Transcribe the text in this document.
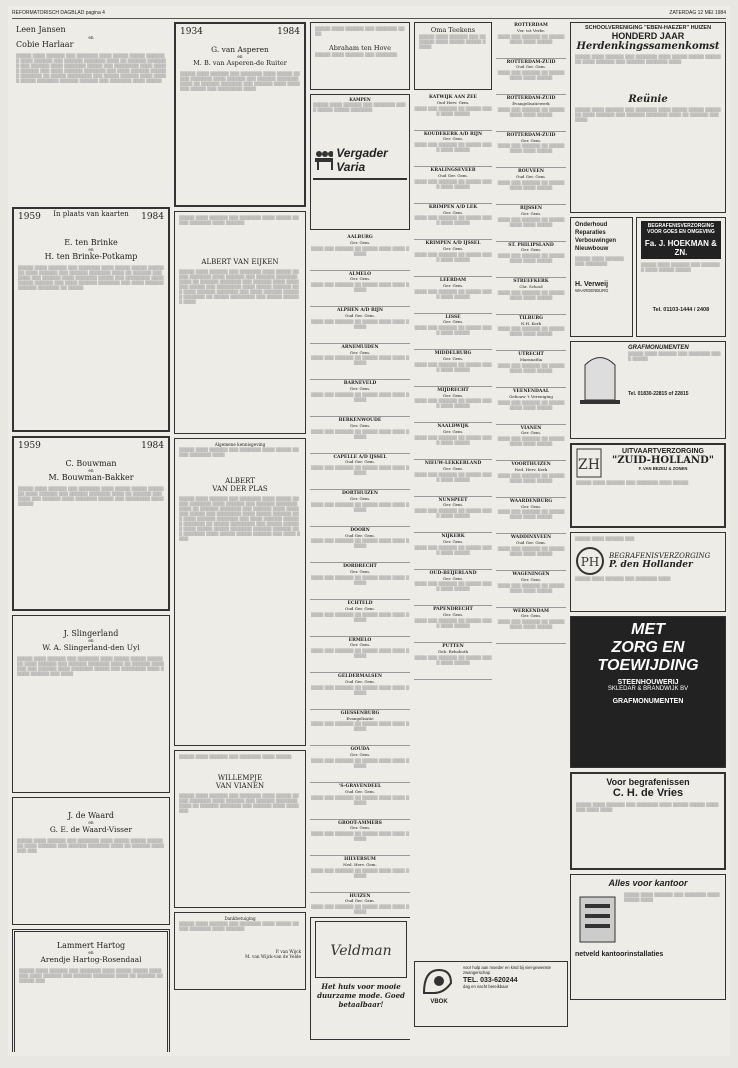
REFORMATORISCH DAGBLAD pagina 4	ZATERDAG 12 MEI 1984
Leen Jansen
en
Cobie Harlaar
▒▒▒▒▒ ▒▒▒▒ ▒▒▒▒▒▒ ▒▒▒ ▒▒▒▒▒▒▒ ▒▒▒▒ ▒▒▒▒▒ ▒▒▒▒▒ ▒▒▒▒▒▒▒ ▒▒▒▒ ▒▒▒▒▒▒ ▒▒▒ ▒▒▒▒▒▒ ▒▒▒▒▒▒▒ ▒▒▒▒ ▒▒ ▒▒▒▒▒▒ ▒▒▒▒▒▒▒ ▒▒▒ ▒▒▒▒▒▒ ▒▒▒▒ ▒▒▒▒▒▒▒ ▒▒▒▒▒ ▒▒▒ ▒▒▒▒▒▒▒▒ ▒▒▒▒ ▒▒▒▒▒ ▒▒▒▒▒▒ ▒▒▒ ▒▒▒▒ ▒▒▒▒▒▒ ▒▒▒▒▒▒▒ ▒▒▒ ▒▒▒▒ ▒▒▒▒▒▒ ▒▒▒▒▒▒ ▒▒▒▒▒▒▒ ▒▒ ▒▒▒▒▒ ▒▒▒▒▒▒▒▒ ▒▒▒ ▒▒▒▒▒ ▒▒▒▒▒▒ ▒▒▒▒ ▒▒▒▒▒ ▒▒▒▒▒ ▒▒▒▒▒▒▒ ▒▒▒▒▒▒ ▒▒▒▒▒▒ ▒▒▒ ▒▒▒▒▒▒▒ ▒▒▒▒ ▒▒▒▒▒
1959 In plaats van kaarten 1984
E. ten Brinke
en
H. ten Brinke-Potkamp
▒▒▒▒▒ ▒▒▒▒ ▒▒▒▒▒▒ ▒▒▒ ▒▒▒▒▒▒▒ ▒▒▒▒ ▒▒▒▒▒ ▒▒▒▒▒ ▒▒▒▒▒▒▒ ▒▒▒▒ ▒▒▒▒▒▒ ▒▒▒ ▒▒▒▒▒▒ ▒▒▒▒▒▒▒ ▒▒▒▒ ▒▒ ▒▒▒▒▒▒ ▒▒▒▒▒▒▒ ▒▒▒ ▒▒▒▒▒▒ ▒▒▒▒ ▒▒▒▒▒▒▒ ▒▒▒▒▒ ▒▒▒ ▒▒▒▒▒▒▒▒ ▒▒▒▒ ▒▒▒▒▒ ▒▒▒▒▒▒ ▒▒▒ ▒▒▒▒ ▒▒▒▒▒▒ ▒▒▒▒▒▒▒ ▒▒▒ ▒▒▒▒ ▒▒▒▒▒▒ ▒▒▒▒▒▒ ▒▒▒▒▒▒▒ ▒▒ ▒▒▒▒▒
1959	1984
C. Bouwman
en
M. Bouwman-Bakker
▒▒▒▒▒ ▒▒▒▒ ▒▒▒▒▒▒ ▒▒▒ ▒▒▒▒▒▒▒ ▒▒▒▒ ▒▒▒▒▒ ▒▒▒▒▒ ▒▒▒▒▒▒▒ ▒▒▒▒ ▒▒▒▒▒▒ ▒▒▒ ▒▒▒▒▒▒ ▒▒▒▒▒▒▒ ▒▒▒▒ ▒▒ ▒▒▒▒▒▒ ▒▒▒▒▒▒▒ ▒▒▒ ▒▒▒▒▒▒ ▒▒▒▒ ▒▒▒▒▒▒▒ ▒▒▒▒▒ ▒▒▒ ▒▒▒▒▒▒▒▒ ▒▒▒▒ ▒▒▒▒▒
J. Slingerland
en
W. A. Slingerland-den Uyl
▒▒▒▒▒ ▒▒▒▒ ▒▒▒▒▒▒ ▒▒▒ ▒▒▒▒▒▒▒ ▒▒▒▒ ▒▒▒▒▒ ▒▒▒▒▒ ▒▒▒▒▒▒▒ ▒▒▒▒ ▒▒▒▒▒▒ ▒▒▒ ▒▒▒▒▒▒ ▒▒▒▒▒▒▒ ▒▒▒▒ ▒▒ ▒▒▒▒▒▒ ▒▒▒▒▒▒▒ ▒▒▒ ▒▒▒▒▒▒ ▒▒▒▒ ▒▒▒▒▒▒▒ ▒▒▒▒▒ ▒▒▒ ▒▒▒▒▒▒▒▒ ▒▒▒▒ ▒▒▒▒▒ ▒▒▒▒▒▒ ▒▒▒ ▒▒▒▒
J. de Waard
en
G. E. de Waard-Visser
▒▒▒▒▒ ▒▒▒▒ ▒▒▒▒▒▒ ▒▒▒ ▒▒▒▒▒▒▒ ▒▒▒▒ ▒▒▒▒▒ ▒▒▒▒▒ ▒▒▒▒▒▒▒ ▒▒▒▒ ▒▒▒▒▒▒ ▒▒▒ ▒▒▒▒▒▒ ▒▒▒▒▒▒▒ ▒▒▒▒ ▒▒ ▒▒▒▒▒▒ ▒▒▒▒▒▒▒ ▒▒▒
Lammert Hartog
en
Arendje Hartog-Rosendaal
▒▒▒▒▒ ▒▒▒▒ ▒▒▒▒▒▒ ▒▒▒ ▒▒▒▒▒▒▒ ▒▒▒▒ ▒▒▒▒▒ ▒▒▒▒▒ ▒▒▒▒▒▒▒ ▒▒▒▒ ▒▒▒▒▒▒ ▒▒▒ ▒▒▒▒▒▒ ▒▒▒▒▒▒▒ ▒▒▒▒ ▒▒ ▒▒▒▒▒▒ ▒▒▒▒▒▒▒ ▒▒▒
1934	1984
G. van Asperen
en
M. B. van Asperen-de Ruiter
▒▒▒▒▒ ▒▒▒▒ ▒▒▒▒▒▒ ▒▒▒ ▒▒▒▒▒▒▒ ▒▒▒▒ ▒▒▒▒▒ ▒▒▒▒▒ ▒▒▒▒▒▒▒ ▒▒▒▒ ▒▒▒▒▒▒ ▒▒▒ ▒▒▒▒▒▒ ▒▒▒▒▒▒▒ ▒▒▒▒ ▒▒ ▒▒▒▒▒▒ ▒▒▒▒▒▒▒ ▒▒▒ ▒▒▒▒▒▒ ▒▒▒▒ ▒▒▒▒▒▒▒ ▒▒▒▒▒ ▒▒▒ ▒▒▒▒▒▒▒▒ ▒▒▒▒
▒▒▒▒▒ ▒▒▒▒ ▒▒▒▒▒▒ ▒▒▒ ▒▒▒▒▒▒▒ ▒▒▒▒ ▒▒▒▒▒ ▒▒▒▒▒ ▒▒▒▒▒▒▒ ▒▒▒▒ ▒▒▒▒▒▒
ALBERT VAN EIJKEN
▒▒▒▒▒ ▒▒▒▒ ▒▒▒▒▒▒ ▒▒▒ ▒▒▒▒▒▒▒ ▒▒▒▒ ▒▒▒▒▒ ▒▒▒▒▒ ▒▒▒▒▒▒▒ ▒▒▒▒ ▒▒▒▒▒▒ ▒▒▒ ▒▒▒▒▒▒ ▒▒▒▒▒▒▒ ▒▒▒▒ ▒▒ ▒▒▒▒▒▒ ▒▒▒▒▒▒▒ ▒▒▒ ▒▒▒▒▒▒ ▒▒▒▒ ▒▒▒▒▒▒▒ ▒▒▒▒▒ ▒▒▒ ▒▒▒▒▒▒▒▒ ▒▒▒▒ ▒▒▒▒▒ ▒▒▒▒▒▒ ▒▒▒ ▒▒▒▒ ▒▒▒▒▒▒ ▒▒▒▒▒▒▒ ▒▒▒ ▒▒▒▒ ▒▒▒▒▒▒ ▒▒▒▒▒▒ ▒▒▒▒▒▒▒ ▒▒ ▒▒▒▒▒ ▒▒▒▒▒▒▒▒ ▒▒▒ ▒▒▒▒▒ ▒▒▒▒▒▒ ▒▒▒▒
Algemene kennisgeving
▒▒▒▒▒ ▒▒▒▒ ▒▒▒▒▒▒ ▒▒▒ ▒▒▒▒▒▒▒ ▒▒▒▒ ▒▒▒▒▒ ▒▒▒▒▒ ▒▒▒▒▒▒▒ ▒▒▒▒
ALBERT
VAN DER PLAS
▒▒▒▒▒ ▒▒▒▒ ▒▒▒▒▒▒ ▒▒▒ ▒▒▒▒▒▒▒ ▒▒▒▒ ▒▒▒▒▒ ▒▒▒▒▒ ▒▒▒▒▒▒▒ ▒▒▒▒ ▒▒▒▒▒▒ ▒▒▒ ▒▒▒▒▒▒ ▒▒▒▒▒▒▒ ▒▒▒▒ ▒▒ ▒▒▒▒▒▒ ▒▒▒▒▒▒▒ ▒▒▒ ▒▒▒▒▒▒ ▒▒▒▒ ▒▒▒▒▒▒▒ ▒▒▒▒▒ ▒▒▒ ▒▒▒▒▒▒▒▒ ▒▒▒▒ ▒▒▒▒▒ ▒▒▒▒▒▒ ▒▒▒ ▒▒▒▒ ▒▒▒▒▒▒ ▒▒▒▒▒▒▒ ▒▒▒ ▒▒▒▒ ▒▒▒▒▒▒ ▒▒▒▒▒▒ ▒▒▒▒▒▒▒ ▒▒ ▒▒▒▒▒ ▒▒▒▒▒▒▒▒ ▒▒▒ ▒▒▒▒▒ ▒▒▒▒▒▒ ▒▒▒▒ ▒▒▒▒▒ ▒▒▒▒▒ ▒▒▒▒▒▒▒ ▒▒▒▒▒▒ ▒▒▒▒▒▒ ▒▒▒ ▒▒▒▒▒▒▒ ▒▒▒▒ ▒▒▒▒▒ ▒▒▒▒▒ ▒▒▒▒▒▒ ▒▒▒ ▒▒▒▒ ▒▒▒▒
▒▒▒▒▒ ▒▒▒▒ ▒▒▒▒▒▒ ▒▒▒ ▒▒▒▒▒▒▒ ▒▒▒▒ ▒▒▒▒▒
WILLEMPJE
VAN VIANEN
▒▒▒▒▒ ▒▒▒▒ ▒▒▒▒▒▒ ▒▒▒ ▒▒▒▒▒▒▒ ▒▒▒▒ ▒▒▒▒▒ ▒▒▒▒▒ ▒▒▒▒▒▒▒ ▒▒▒▒ ▒▒▒▒▒▒ ▒▒▒ ▒▒▒▒▒▒ ▒▒▒▒▒▒▒ ▒▒▒▒ ▒▒ ▒▒▒▒▒▒ ▒▒▒▒▒▒▒ ▒▒▒ ▒▒▒▒▒▒ ▒▒▒▒ ▒▒▒▒▒▒▒
Dankbetuiging
▒▒▒▒▒ ▒▒▒▒ ▒▒▒▒▒▒ ▒▒▒ ▒▒▒▒▒▒▒ ▒▒▒▒ ▒▒▒▒▒ ▒▒▒▒▒ ▒▒▒▒▒▒▒ ▒▒▒▒ ▒▒▒▒▒▒
P. van Wijck
M. van Wijck-van de Velde
▒▒▒▒▒ ▒▒▒▒ ▒▒▒▒▒▒ ▒▒▒ ▒▒▒▒▒▒▒ ▒▒▒▒
Abraham ten Hove
▒▒▒▒▒ ▒▒▒▒ ▒▒▒▒▒▒ ▒▒▒ ▒▒▒▒▒▒▒
KAMPEN
▒▒▒▒▒ ▒▒▒▒ ▒▒▒▒▒▒ ▒▒▒ ▒▒▒▒▒▒▒ ▒▒▒▒ ▒▒▒▒▒ ▒▒▒▒▒ ▒▒▒▒▒▒▒
Vergader Varia
AALBURG
Ger. Gem.
▒▒▒▒ ▒▒▒ ▒▒▒▒▒▒ ▒▒ ▒▒▒▒▒ ▒▒▒▒ ▒▒▒▒ ▒▒▒▒▒
ALMELO
Ger. Gem.
▒▒▒▒ ▒▒▒ ▒▒▒▒▒▒ ▒▒ ▒▒▒▒▒ ▒▒▒▒ ▒▒▒▒ ▒▒▒▒▒
ALPHEN A/D RIJN
Oud Ger. Gem.
▒▒▒▒ ▒▒▒ ▒▒▒▒▒▒ ▒▒ ▒▒▒▒▒ ▒▒▒▒ ▒▒▒▒ ▒▒▒▒▒
ARNEMUIDEN
Ger. Gem.
▒▒▒▒ ▒▒▒ ▒▒▒▒▒▒ ▒▒ ▒▒▒▒▒ ▒▒▒▒ ▒▒▒▒ ▒▒▒▒▒
BARNEVELD
Ger. Gem.
▒▒▒▒ ▒▒▒ ▒▒▒▒▒▒ ▒▒ ▒▒▒▒▒ ▒▒▒▒ ▒▒▒▒ ▒▒▒▒▒
BERKENWOUDE
Ger. Gem.
▒▒▒▒ ▒▒▒ ▒▒▒▒▒▒ ▒▒ ▒▒▒▒▒ ▒▒▒▒ ▒▒▒▒ ▒▒▒▒▒
CAPELLE A/D IJSSEL
Oud Ger. Gem.
▒▒▒▒ ▒▒▒ ▒▒▒▒▒▒ ▒▒ ▒▒▒▒▒ ▒▒▒▒ ▒▒▒▒ ▒▒▒▒▒
DORTHUIZEN
Ger. Gem.
▒▒▒▒ ▒▒▒ ▒▒▒▒▒▒ ▒▒ ▒▒▒▒▒ ▒▒▒▒ ▒▒▒▒ ▒▒▒▒▒
DOORN
Oud Ger. Gem.
▒▒▒▒ ▒▒▒ ▒▒▒▒▒▒ ▒▒ ▒▒▒▒▒ ▒▒▒▒ ▒▒▒▒ ▒▒▒▒▒
DORDRECHT
Ger. Gem.
▒▒▒▒ ▒▒▒ ▒▒▒▒▒▒ ▒▒ ▒▒▒▒▒ ▒▒▒▒ ▒▒▒▒ ▒▒▒▒▒
ECHTELD
Oud Ger. Gem.
▒▒▒▒ ▒▒▒ ▒▒▒▒▒▒ ▒▒ ▒▒▒▒▒ ▒▒▒▒ ▒▒▒▒ ▒▒▒▒▒
ERMELO
Ger. Gem.
▒▒▒▒ ▒▒▒ ▒▒▒▒▒▒ ▒▒ ▒▒▒▒▒ ▒▒▒▒ ▒▒▒▒ ▒▒▒▒▒
GELDERMALSEN
Oud Ger. Gem.
▒▒▒▒ ▒▒▒ ▒▒▒▒▒▒ ▒▒ ▒▒▒▒▒ ▒▒▒▒ ▒▒▒▒ ▒▒▒▒▒
GIESSENBURG
Evangelisatie
▒▒▒▒ ▒▒▒ ▒▒▒▒▒▒ ▒▒ ▒▒▒▒▒ ▒▒▒▒ ▒▒▒▒ ▒▒▒▒▒
GOUDA
Ger. Gem.
▒▒▒▒ ▒▒▒ ▒▒▒▒▒▒ ▒▒ ▒▒▒▒▒ ▒▒▒▒ ▒▒▒▒ ▒▒▒▒▒
'S-GRAVENDEEL
Oud Ger. Gem.
▒▒▒▒ ▒▒▒ ▒▒▒▒▒▒ ▒▒ ▒▒▒▒▒ ▒▒▒▒ ▒▒▒▒ ▒▒▒▒▒
GROOT-AMMERS
Ger. Gem.
▒▒▒▒ ▒▒▒ ▒▒▒▒▒▒ ▒▒ ▒▒▒▒▒ ▒▒▒▒ ▒▒▒▒ ▒▒▒▒▒
HILVERSUM
Ned. Herv. Gem.
▒▒▒▒ ▒▒▒ ▒▒▒▒▒▒ ▒▒ ▒▒▒▒▒ ▒▒▒▒ ▒▒▒▒ ▒▒▒▒▒
HUIZEN
Oud Ger. Gem.
▒▒▒▒ ▒▒▒ ▒▒▒▒▒▒ ▒▒ ▒▒▒▒▒ ▒▒▒▒ ▒▒▒▒ ▒▒▒▒▒
Veldman
Het huis voor mooie duurzame mode. Goed betaalbaar!
Oma Teekens
▒▒▒▒▒ ▒▒▒▒ ▒▒▒▒▒▒ ▒▒▒ ▒▒▒▒▒▒▒ ▒▒▒▒ ▒▒▒▒▒ ▒▒▒▒▒ ▒▒▒▒▒
KATWIJK AAN ZEE
Oud Herv. Gem.
▒▒▒▒ ▒▒▒ ▒▒▒▒▒▒ ▒▒ ▒▒▒▒▒ ▒▒▒▒ ▒▒▒▒ ▒▒▒▒▒
KOUDEKERK A/D RIJN
Ger. Gem.
▒▒▒▒ ▒▒▒ ▒▒▒▒▒▒ ▒▒ ▒▒▒▒▒ ▒▒▒▒ ▒▒▒▒ ▒▒▒▒▒
KRALINGSEVEER
Oud Ger. Gem.
▒▒▒▒ ▒▒▒ ▒▒▒▒▒▒ ▒▒ ▒▒▒▒▒ ▒▒▒▒ ▒▒▒▒ ▒▒▒▒▒
KRIMPEN A/D LEK
Ger. Gem.
▒▒▒▒ ▒▒▒ ▒▒▒▒▒▒ ▒▒ ▒▒▒▒▒ ▒▒▒▒ ▒▒▒▒ ▒▒▒▒▒
KRIMPEN A/D IJSSEL
Ger. Gem.
▒▒▒▒ ▒▒▒ ▒▒▒▒▒▒ ▒▒ ▒▒▒▒▒ ▒▒▒▒ ▒▒▒▒ ▒▒▒▒▒
LEERDAM
Ger. Gem.
▒▒▒▒ ▒▒▒ ▒▒▒▒▒▒ ▒▒ ▒▒▒▒▒ ▒▒▒▒ ▒▒▒▒ ▒▒▒▒▒
LISSE
Ger. Gem.
▒▒▒▒ ▒▒▒ ▒▒▒▒▒▒ ▒▒ ▒▒▒▒▒ ▒▒▒▒ ▒▒▒▒ ▒▒▒▒▒
MIDDELBURG
Ger. Gem.
▒▒▒▒ ▒▒▒ ▒▒▒▒▒▒ ▒▒ ▒▒▒▒▒ ▒▒▒▒ ▒▒▒▒ ▒▒▒▒▒
MIJDRECHT
Ger. Gem.
▒▒▒▒ ▒▒▒ ▒▒▒▒▒▒ ▒▒ ▒▒▒▒▒ ▒▒▒▒ ▒▒▒▒ ▒▒▒▒▒
NAALDWIJK
Ger. Gem.
▒▒▒▒ ▒▒▒ ▒▒▒▒▒▒ ▒▒ ▒▒▒▒▒ ▒▒▒▒ ▒▒▒▒ ▒▒▒▒▒
NIEUW-LEKKERLAND
Ger. Gem.
▒▒▒▒ ▒▒▒ ▒▒▒▒▒▒ ▒▒ ▒▒▒▒▒ ▒▒▒▒ ▒▒▒▒ ▒▒▒▒▒
NUNSPEET
Ger. Gem.
▒▒▒▒ ▒▒▒ ▒▒▒▒▒▒ ▒▒ ▒▒▒▒▒ ▒▒▒▒ ▒▒▒▒ ▒▒▒▒▒
NIJKERK
Ger. Gem.
▒▒▒▒ ▒▒▒ ▒▒▒▒▒▒ ▒▒ ▒▒▒▒▒ ▒▒▒▒ ▒▒▒▒ ▒▒▒▒▒
OUD-BEIJERLAND
Ger. Gem.
▒▒▒▒ ▒▒▒ ▒▒▒▒▒▒ ▒▒ ▒▒▒▒▒ ▒▒▒▒ ▒▒▒▒ ▒▒▒▒▒
PAPENDRECHT
Ger. Gem.
▒▒▒▒ ▒▒▒ ▒▒▒▒▒▒ ▒▒ ▒▒▒▒▒ ▒▒▒▒ ▒▒▒▒ ▒▒▒▒▒
PUTTEN
Geb. Rehoboth
▒▒▒▒ ▒▒▒ ▒▒▒▒▒▒ ▒▒ ▒▒▒▒▒ ▒▒▒▒ ▒▒▒▒ ▒▒▒▒▒
ROTTERDAM
Ver. tot Verbr.
▒▒▒▒ ▒▒▒ ▒▒▒▒▒▒ ▒▒ ▒▒▒▒▒ ▒▒▒▒ ▒▒▒▒ ▒▒▒▒▒
ROTTERDAM-ZUID
Oud Ger. Gem.
▒▒▒▒ ▒▒▒ ▒▒▒▒▒▒ ▒▒ ▒▒▒▒▒ ▒▒▒▒ ▒▒▒▒ ▒▒▒▒▒
ROTTERDAM-ZUID
Evangelisatiewerk
▒▒▒▒ ▒▒▒ ▒▒▒▒▒▒ ▒▒ ▒▒▒▒▒ ▒▒▒▒ ▒▒▒▒ ▒▒▒▒▒
ROTTERDAM-ZUID
Ger. Gem.
▒▒▒▒ ▒▒▒ ▒▒▒▒▒▒ ▒▒ ▒▒▒▒▒ ▒▒▒▒ ▒▒▒▒ ▒▒▒▒▒
ROUVEEN
Oud Ger. Gem.
▒▒▒▒ ▒▒▒ ▒▒▒▒▒▒ ▒▒ ▒▒▒▒▒ ▒▒▒▒ ▒▒▒▒ ▒▒▒▒▒
RIJSSEN
Ger. Gem.
▒▒▒▒ ▒▒▒ ▒▒▒▒▒▒ ▒▒ ▒▒▒▒▒ ▒▒▒▒ ▒▒▒▒ ▒▒▒▒▒
ST. PHILIPSLAND
Ger. Gem.
▒▒▒▒ ▒▒▒ ▒▒▒▒▒▒ ▒▒ ▒▒▒▒▒ ▒▒▒▒ ▒▒▒▒ ▒▒▒▒▒
STREEFKERK
Chr. School
▒▒▒▒ ▒▒▒ ▒▒▒▒▒▒ ▒▒ ▒▒▒▒▒ ▒▒▒▒ ▒▒▒▒ ▒▒▒▒▒
TILBURG
N.H. Kerk
▒▒▒▒ ▒▒▒ ▒▒▒▒▒▒ ▒▒ ▒▒▒▒▒ ▒▒▒▒ ▒▒▒▒ ▒▒▒▒▒
UTRECHT
Maranatha
▒▒▒▒ ▒▒▒ ▒▒▒▒▒▒ ▒▒ ▒▒▒▒▒ ▒▒▒▒ ▒▒▒▒ ▒▒▒▒▒
VEENENDAAL
Gebouw 't Vereniging
▒▒▒▒ ▒▒▒ ▒▒▒▒▒▒ ▒▒ ▒▒▒▒▒ ▒▒▒▒ ▒▒▒▒ ▒▒▒▒▒
VIANEN
Ger. Gem.
▒▒▒▒ ▒▒▒ ▒▒▒▒▒▒ ▒▒ ▒▒▒▒▒ ▒▒▒▒ ▒▒▒▒ ▒▒▒▒▒
VOORTHUIZEN
Ned. Herv. Kerk
▒▒▒▒ ▒▒▒ ▒▒▒▒▒▒ ▒▒ ▒▒▒▒▒ ▒▒▒▒ ▒▒▒▒ ▒▒▒▒▒
WAARDENBURG
Ger. Gem.
▒▒▒▒ ▒▒▒ ▒▒▒▒▒▒ ▒▒ ▒▒▒▒▒ ▒▒▒▒ ▒▒▒▒ ▒▒▒▒▒
WADDINXVEEN
Oud Ger. Gem.
▒▒▒▒ ▒▒▒ ▒▒▒▒▒▒ ▒▒ ▒▒▒▒▒ ▒▒▒▒ ▒▒▒▒ ▒▒▒▒▒
WAGENINGEN
Ger. Gem.
▒▒▒▒ ▒▒▒ ▒▒▒▒▒▒ ▒▒ ▒▒▒▒▒ ▒▒▒▒ ▒▒▒▒ ▒▒▒▒▒
WERKENDAM
Ger. Gem.
▒▒▒▒ ▒▒▒ ▒▒▒▒▒▒ ▒▒ ▒▒▒▒▒ ▒▒▒▒ ▒▒▒▒ ▒▒▒▒▒
VBOK
voor hulp aan moeder en kind bij niet-gewenste zwangerschap
TEL. 033-620244
dag en nacht bereikbaar
SCHOOLVERENIGING "EBEN-HAEZER" HUIZEN
HONDERD JAAR
Herdenkingssamenkomst
▒▒▒▒▒ ▒▒▒▒ ▒▒▒▒▒▒ ▒▒▒ ▒▒▒▒▒▒▒ ▒▒▒▒ ▒▒▒▒▒ ▒▒▒▒▒ ▒▒▒▒▒▒▒ ▒▒▒▒ ▒▒▒▒▒▒ ▒▒▒ ▒▒▒▒▒▒ ▒▒▒▒▒▒▒ ▒▒▒▒
Reünie
▒▒▒▒▒ ▒▒▒▒ ▒▒▒▒▒▒ ▒▒▒ ▒▒▒▒▒▒▒ ▒▒▒▒ ▒▒▒▒▒ ▒▒▒▒▒ ▒▒▒▒▒▒▒ ▒▒▒▒ ▒▒▒▒▒▒ ▒▒▒ ▒▒▒▒▒▒ ▒▒▒▒▒▒▒ ▒▒▒▒ ▒▒ ▒▒▒▒▒▒ ▒▒▒▒▒▒▒
Onderhoud
Reparaties
Verbouwingen
Nieuwbouw
▒▒▒▒▒ ▒▒▒▒ ▒▒▒▒▒▒ ▒▒▒ ▒▒▒▒▒▒▒
H. Verweij
WAARDENBURG
BEGRAFENISVERZORGING VOOR GOES EN OMGEVING
Fa. J. HOEKMAN & ZN.
▒▒▒▒▒ ▒▒▒▒ ▒▒▒▒▒▒ ▒▒▒ ▒▒▒▒▒▒▒ ▒▒▒▒ ▒▒▒▒▒ ▒▒▒▒▒
Tel. 01103-1444 / 2408
GRAFMONUMENTEN
▒▒▒▒▒ ▒▒▒▒ ▒▒▒▒▒▒ ▒▒▒ ▒▒▒▒▒▒▒ ▒▒▒▒ ▒▒▒▒▒
Tel. 01830-22815 of 22815
ZH
UITVAARTVERZORGING
"ZUID-HOLLAND"
F. VAN BEZEIJ & ZONEN
▒▒▒▒▒ ▒▒▒▒ ▒▒▒▒▒▒ ▒▒▒ ▒▒▒▒▒▒▒ ▒▒▒▒ ▒▒▒▒▒
▒▒▒▒▒ ▒▒▒▒ ▒▒▒▒▒▒ ▒▒▒
PH BEGRAFENISVERZORGING
P. den Hollander
▒▒▒▒▒ ▒▒▒▒ ▒▒▒▒▒▒ ▒▒▒ ▒▒▒▒▒▒▒ ▒▒▒▒
MET
ZORG EN
TOEWIJDING
STEENHOUWERIJ
SKLEDAR & BRANDWIJK BV
GRAFMONUMENTEN
Voor begrafenissen
C. H. de Vries
▒▒▒▒▒ ▒▒▒▒ ▒▒▒▒▒▒ ▒▒▒ ▒▒▒▒▒▒▒ ▒▒▒▒ ▒▒▒▒▒ ▒▒▒▒▒ ▒▒▒▒▒▒▒ ▒▒▒▒ ▒▒▒▒
Alles voor kantoor
▒▒▒▒▒ ▒▒▒▒ ▒▒▒▒▒▒ ▒▒▒ ▒▒▒▒▒▒▒ ▒▒▒▒ ▒▒▒▒▒ ▒▒▒▒
netveld kantoorinstallaties
